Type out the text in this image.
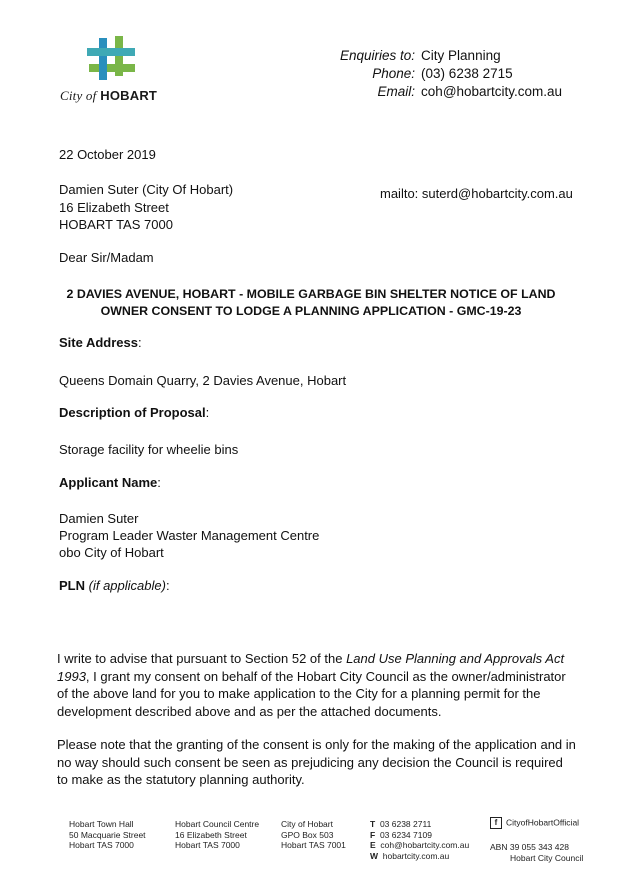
City of HOBART
Enquiries to:	City Planning
Phone:	(03) 6238 2715
Email:	coh@hobartcity.com.au
22 October 2019
Damien Suter (City Of Hobart)
16 Elizabeth Street
HOBART TAS 7000
mailto: suterd@hobartcity.com.au
Dear Sir/Madam
2 DAVIES AVENUE, HOBART - MOBILE GARBAGE BIN SHELTER NOTICE OF LAND
OWNER CONSENT TO LODGE A PLANNING APPLICATION - GMC-19-23
Site Address:
Queens Domain Quarry, 2 Davies Avenue, Hobart
Description of Proposal:
Storage facility for wheelie bins
Applicant Name:
Damien Suter
Program Leader Waster Management Centre
obo City of Hobart
PLN (if applicable):
I write to advise that pursuant to Section 52 of the Land Use Planning and Approvals Act 1993, I grant my consent on behalf of the Hobart City Council as the owner/administrator of the above land for you to make application to the City for a planning permit for the development described above and as per the attached documents.
Please note that the granting of the consent is only for the making of the application and in no way should such consent be seen as prejudicing any decision the Council is required to make as the statutory planning authority.
Hobart Town Hall
50 Macquarie Street
Hobart TAS 7000
Hobart Council Centre
16 Elizabeth Street
Hobart TAS 7000
City of Hobart
GPO Box 503
Hobart TAS 7001
T 03 6238 2711
F 03 6234 7109
E coh@hobartcity.com.au
W hobartcity.com.au
f CityofHobartOfficial
ABN 39 055 343 428
Hobart City Council
